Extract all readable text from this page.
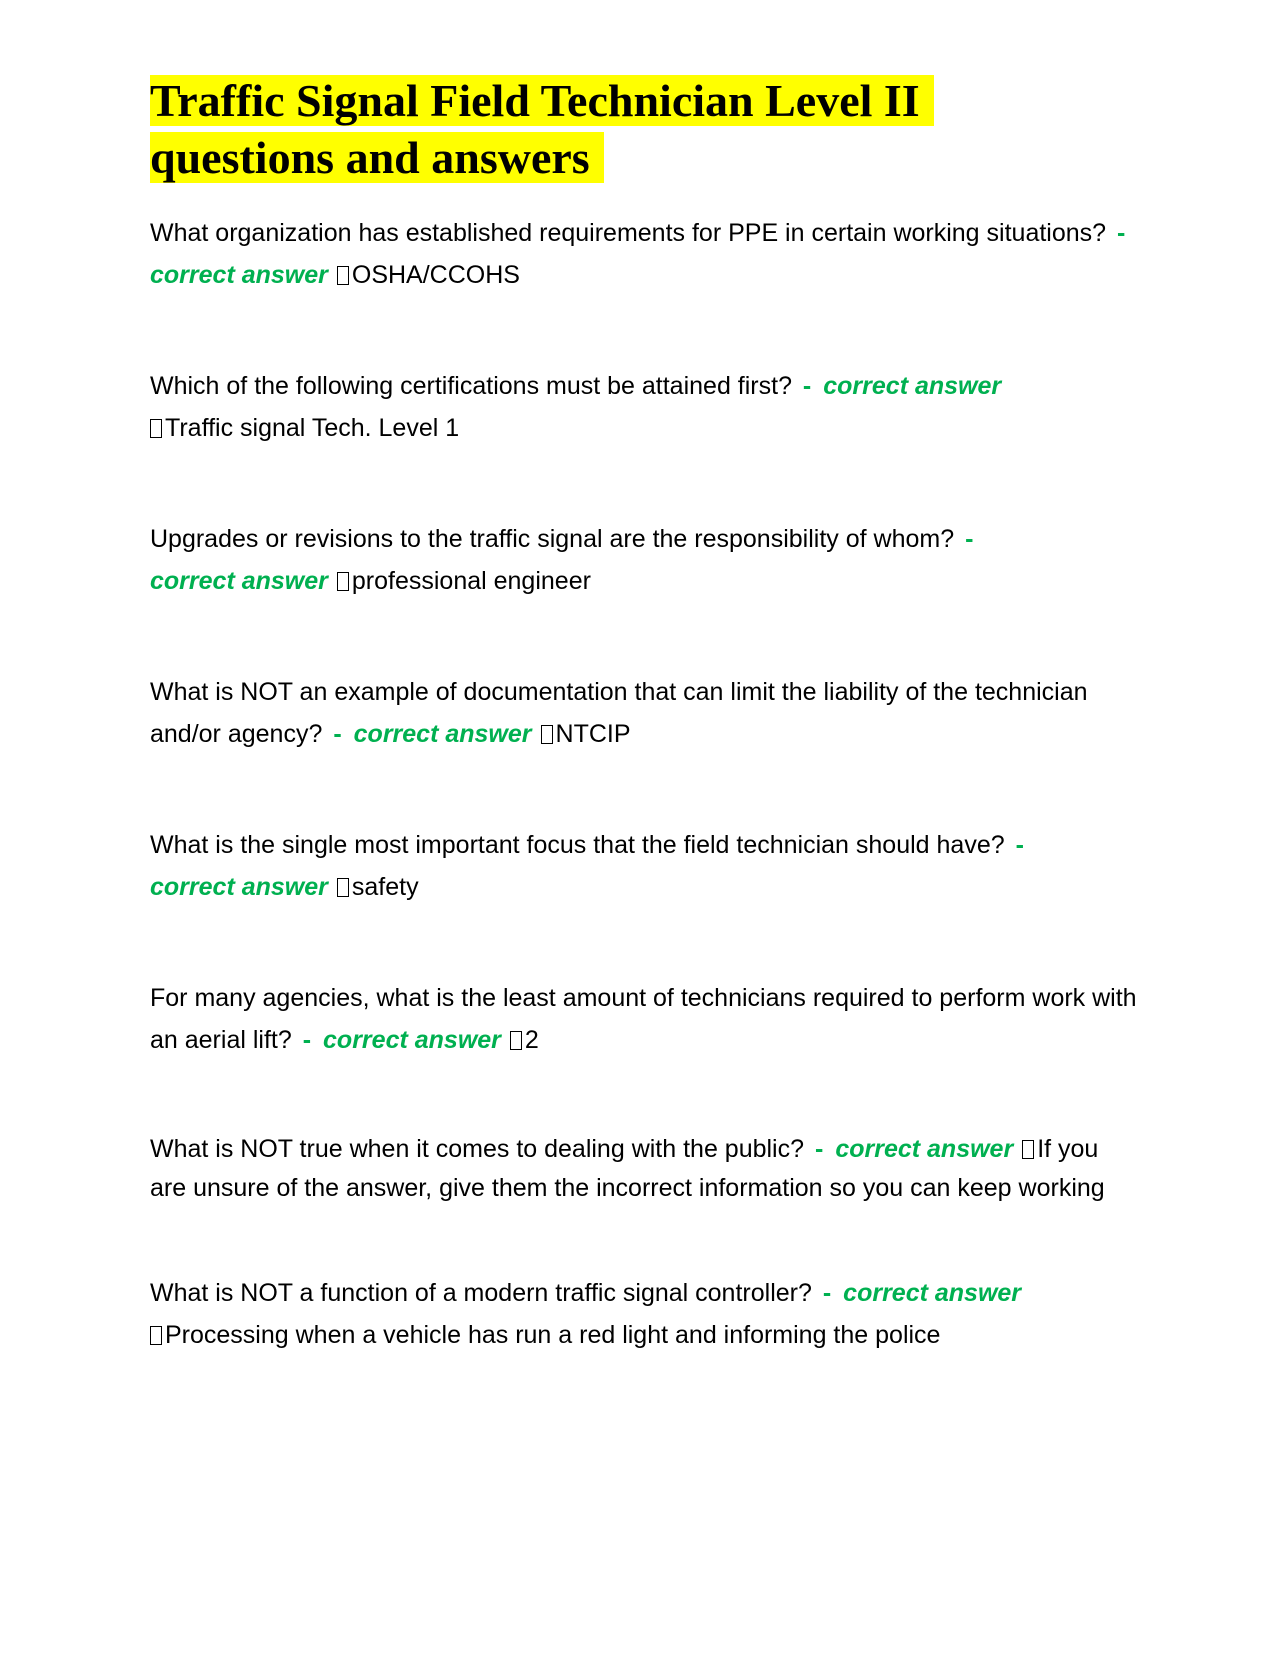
Traffic Signal Field Technician Level II
questions and answers

What organization has established requirements for PPE in certain working situations? -correct answer OSHA/CCOHS

Which of the following certifications must be attained first? - correct answer
Traffic signal Tech. Level 1

Upgrades or revisions to the traffic signal are the responsibility of whom? -
correct answer professional engineer

What is NOT an example of documentation that can limit the liability of the technician and/or agency? - correct answer NTCIP

What is the single most important focus that the field technician should have? -
correct answer safety

For many agencies, what is the least amount of technicians required to perform work with an aerial lift? - correct answer 2

What is NOT true when it comes to dealing with the public? - correct answer If you are unsure of the answer, give them the incorrect information so you can keep working

What is NOT a function of a modern traffic signal controller? - correct answer
Processing when a vehicle has run a red light and informing the police
